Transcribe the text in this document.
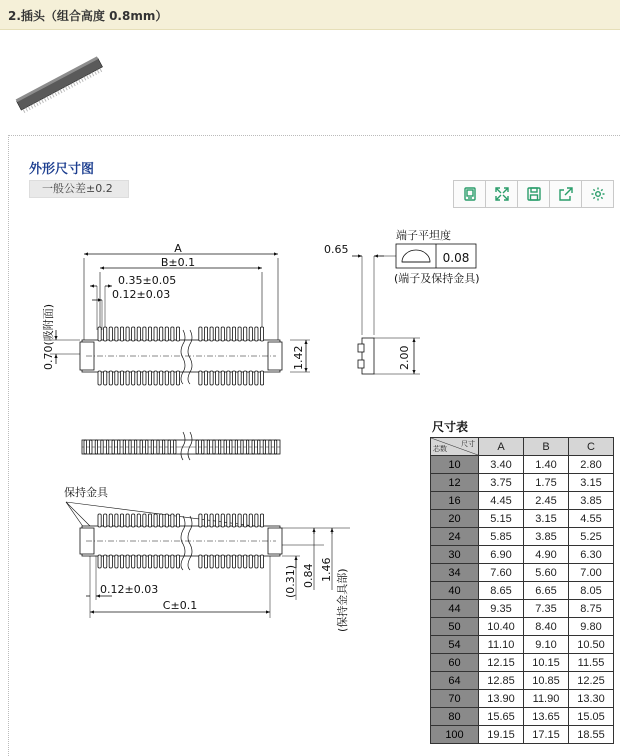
2.插头（组合高度 0.8mm）
外形尺寸图
一般公差±0.2
A
B±0.1
0.35±0.05
0.12±0.03
0.70(吸附面)	1.42
0.65
端子平坦度
0.08
(端子及保持金具)
2.00
保持金具
0.12±0.03
C±0.1
(0.31) 0.84 1.46 (保持金具部)
尺寸表
尺寸
芯数	A	B	C
10	3.40	1.40	2.80
12	3.75	1.75	3.15
16	4.45	2.45	3.85
20	5.15	3.15	4.55
24	5.85	3.85	5.25
30	6.90	4.90	6.30
34	7.60	5.60	7.00
40	8.65	6.65	8.05
44	9.35	7.35	8.75
50	10.40	8.40	9.80
54	11.10	9.10	10.50
60	12.15	10.15	11.55
64	12.85	10.85	12.25
70	13.90	11.90	13.30
80	15.65	13.65	15.05
100	19.15	17.15	18.55
